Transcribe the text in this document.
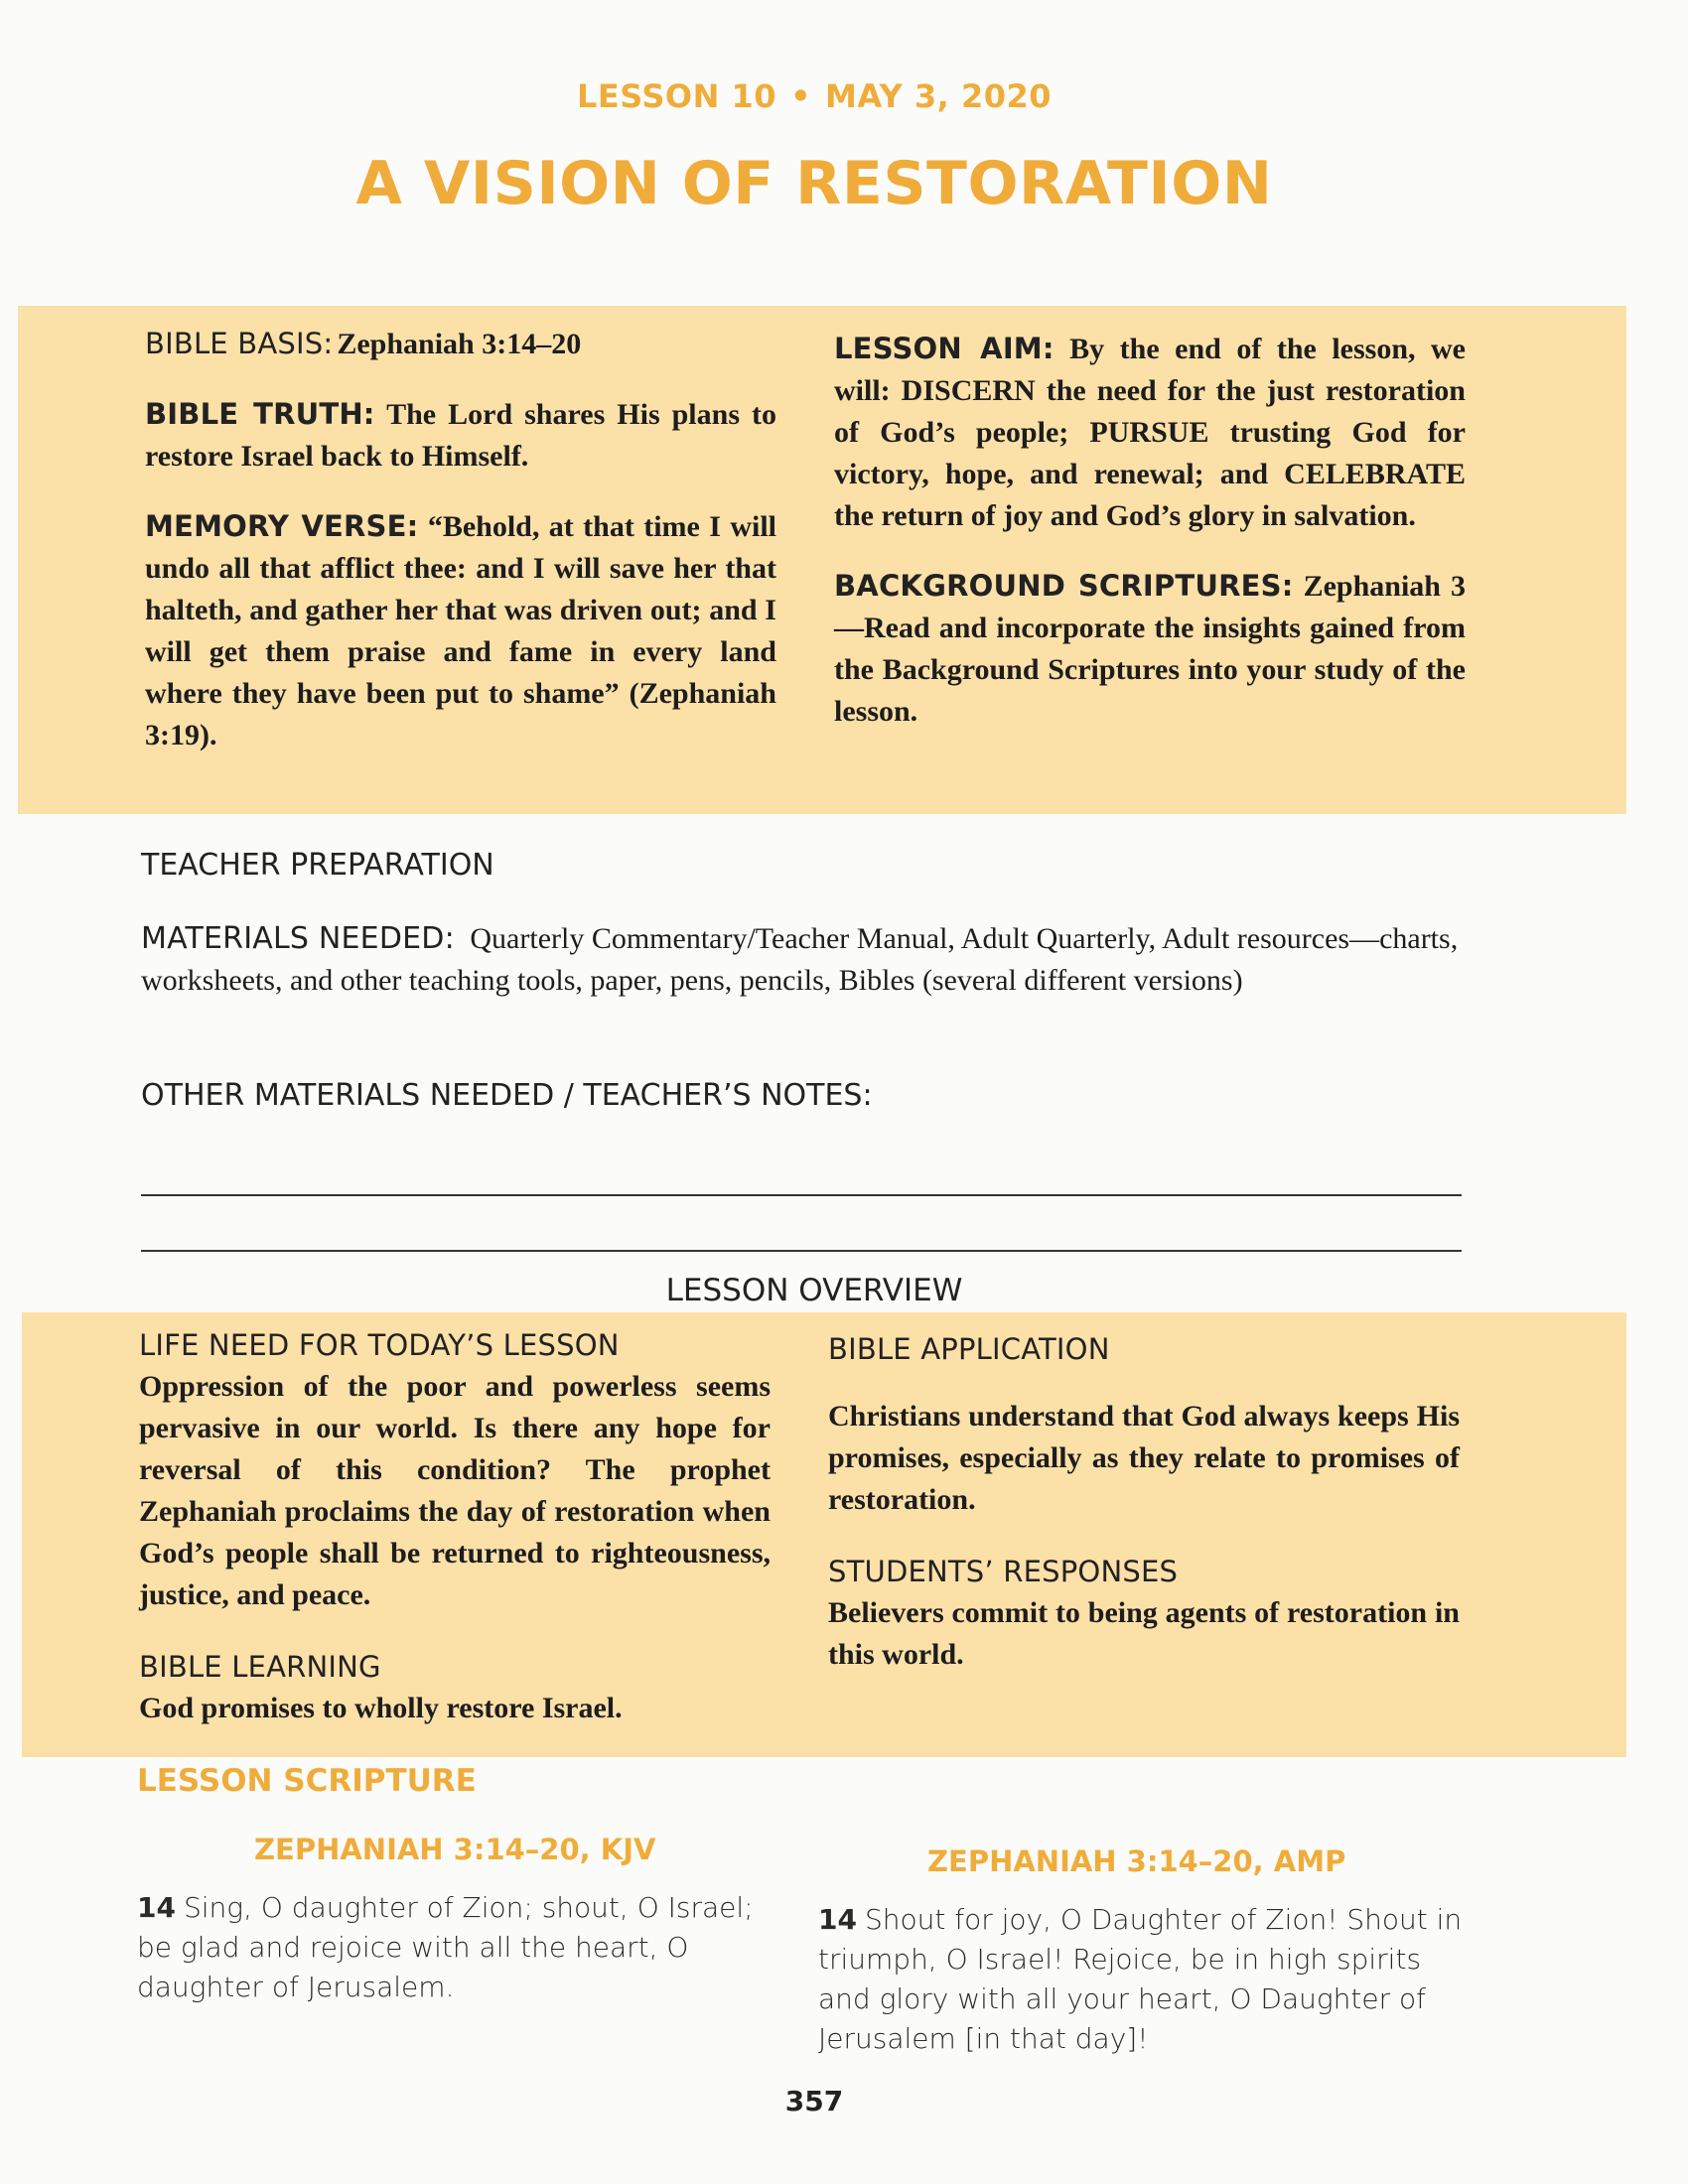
LESSON 10 • MAY 3, 2020
A VISION OF RESTORATION
BIBLE BASIS: Zephaniah 3:14–20
BIBLE TRUTH: The Lord shares His plans to restore Israel back to Himself.
MEMORY VERSE: “Behold, at that time I will undo all that afflict thee: and I will save her that halteth, and gather her that was driven out; and I will get them praise and fame in every land where they have been put to shame” (Zephaniah 3:19).
LESSON AIM: By the end of the lesson, we will: DISCERN the need for the just restoration of God’s people; PURSUE trusting God for victory, hope, and renewal; and CELEBRATE the return of joy and God’s glory in salvation.
BACKGROUND SCRIPTURES: Zephaniah 3—Read and incorporate the insights gained from the Background Scriptures into your study of the lesson.
TEACHER PREPARATION
MATERIALS NEEDED: Quarterly Commentary/Teacher Manual, Adult Quarterly, Adult resources—charts, worksheets, and other teaching tools, paper, pens, pencils, Bibles (several different versions)
OTHER MATERIALS NEEDED / TEACHER’S NOTES:
LESSON OVERVIEW
LIFE NEED FOR TODAY’S LESSON
Oppression of the poor and powerless seems pervasive in our world. Is there any hope for reversal of this condition? The prophet Zephaniah proclaims the day of restoration when God’s people shall be returned to righteousness, justice, and peace.
BIBLE LEARNING
God promises to wholly restore Israel.
BIBLE APPLICATION
Christians understand that God always keeps His promises, especially as they relate to promises of restoration.
STUDENTS’ RESPONSES
Believers commit to being agents of restoration in this world.
LESSON SCRIPTURE
ZEPHANIAH 3:14–20, KJV	ZEPHANIAH 3:14–20, AMP
14 Sing, O daughter of Zion; shout, O Israel; be glad and rejoice with all the heart, O daughter of Jerusalem.
14 Shout for joy, O Daughter of Zion! Shout in triumph, O Israel! Rejoice, be in high spirits and glory with all your heart, O Daughter of Jerusalem [in that day]!
357
